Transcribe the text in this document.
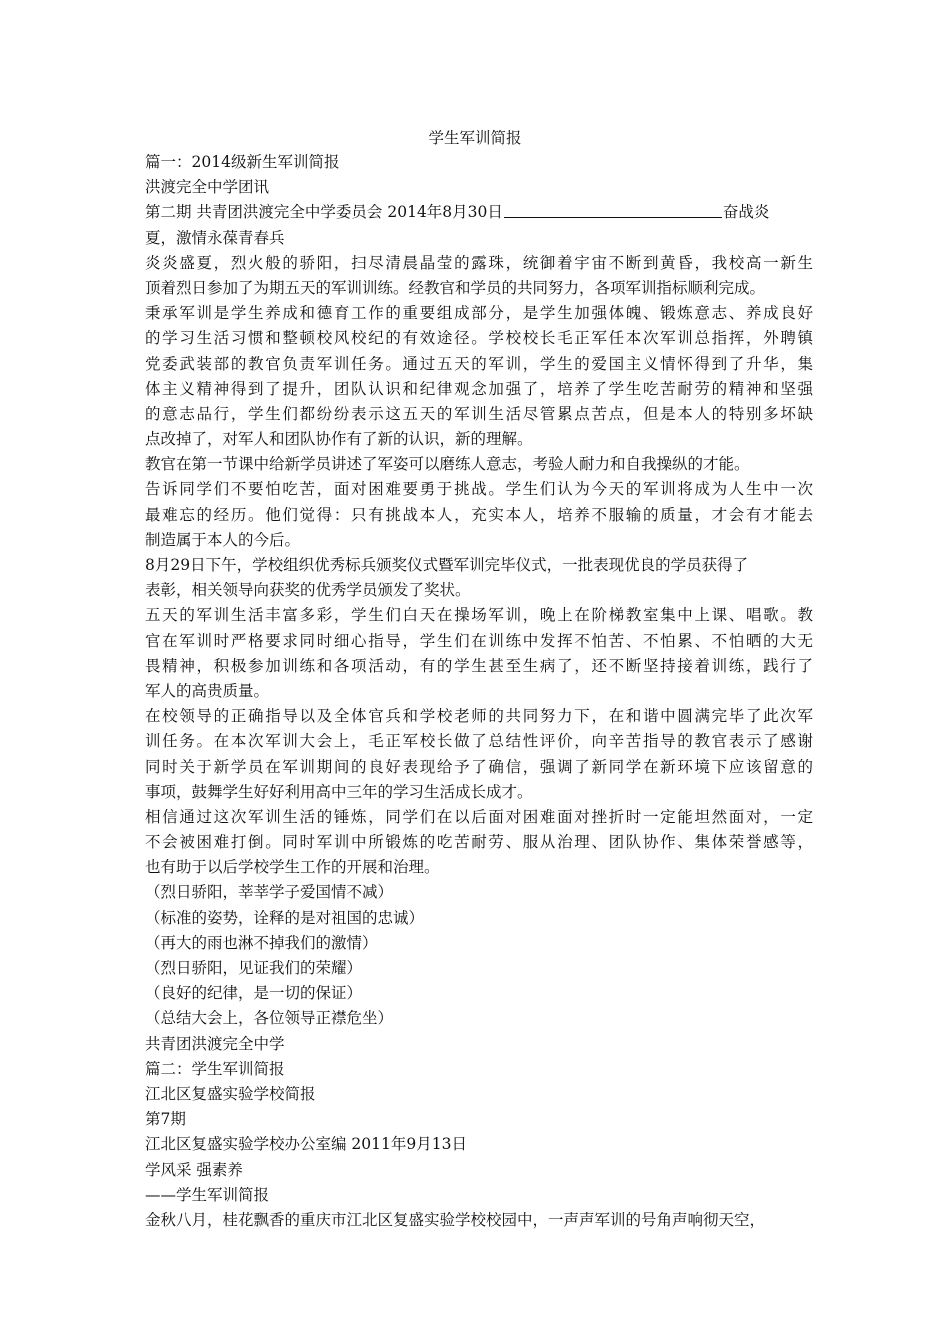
学生军训简报
篇一：2014级新生军训简报
洪渡完全中学团讯
第二期 共青团洪渡完全中学委员会 2014年8月30日	奋战炎
夏，激情永葆青春兵
炎炎盛夏，烈火般的骄阳，扫尽清晨晶莹的露珠，统御着宇宙不断到黄昏，我校高一新生
顶着烈日参加了为期五天的军训训练。经教官和学员的共同努力，各项军训指标顺利完成。
秉承军训是学生养成和德育工作的重要组成部分，是学生加强体魄、锻炼意志、养成良好
的学习生活习惯和整顿校风校纪的有效途径。学校校长毛正军任本次军训总指挥，外聘镇
党委武装部的教官负责军训任务。通过五天的军训，学生的爱国主义情怀得到了升华，集
体主义精神得到了提升，团队认识和纪律观念加强了，培养了学生吃苦耐劳的精神和坚强
的意志品行，学生们都纷纷表示这五天的军训生活尽管累点苦点，但是本人的特别多坏缺
点改掉了，对军人和团队协作有了新的认识，新的理解。
教官在第一节课中给新学员讲述了军姿可以磨练人意志，考验人耐力和自我操纵的才能。
告诉同学们不要怕吃苦，面对困难要勇于挑战。学生们认为今天的军训将成为人生中一次
最难忘的经历。他们觉得：只有挑战本人，充实本人，培养不服输的质量，才会有才能去
制造属于本人的今后。
8月29日下午，学校组织优秀标兵颁奖仪式暨军训完毕仪式，一批表现优良的学员获得了
表彰，相关领导向获奖的优秀学员颁发了奖状。
五天的军训生活丰富多彩，学生们白天在操场军训，晚上在阶梯教室集中上课、唱歌。教
官在军训时严格要求同时细心指导，学生们在训练中发挥不怕苦、不怕累、不怕晒的大无
畏精神，积极参加训练和各项活动，有的学生甚至生病了，还不断坚持接着训练，践行了
军人的高贵质量。
在校领导的正确指导以及全体官兵和学校老师的共同努力下，在和谐中圆满完毕了此次军
训任务。在本次军训大会上，毛正军校长做了总结性评价，向辛苦指导的教官表示了感谢
同时关于新学员在军训期间的良好表现给予了确信，强调了新同学在新环境下应该留意的
事项，鼓舞学生好好利用高中三年的学习生活成长成才。
相信通过这次军训生活的锤炼，同学们在以后面对困难面对挫折时一定能坦然面对，一定
不会被困难打倒。同时军训中所锻炼的吃苦耐劳、服从治理、团队协作、集体荣誉感等，
也有助于以后学校学生工作的开展和治理。
（烈日骄阳，莘莘学子爱国情不减）
（标准的姿势，诠释的是对祖国的忠诚）
（再大的雨也淋不掉我们的激情）
（烈日骄阳，见证我们的荣耀）
（良好的纪律，是一切的保证）
（总结大会上，各位领导正襟危坐）
共青团洪渡完全中学
篇二：学生军训简报
江北区复盛实验学校简报
第7期
江北区复盛实验学校办公室编 2011年9月13日
学风采 强素养
——学生军训简报
金秋八月，桂花飘香的重庆市江北区复盛实验学校校园中，一声声军训的号角声响彻天空，
